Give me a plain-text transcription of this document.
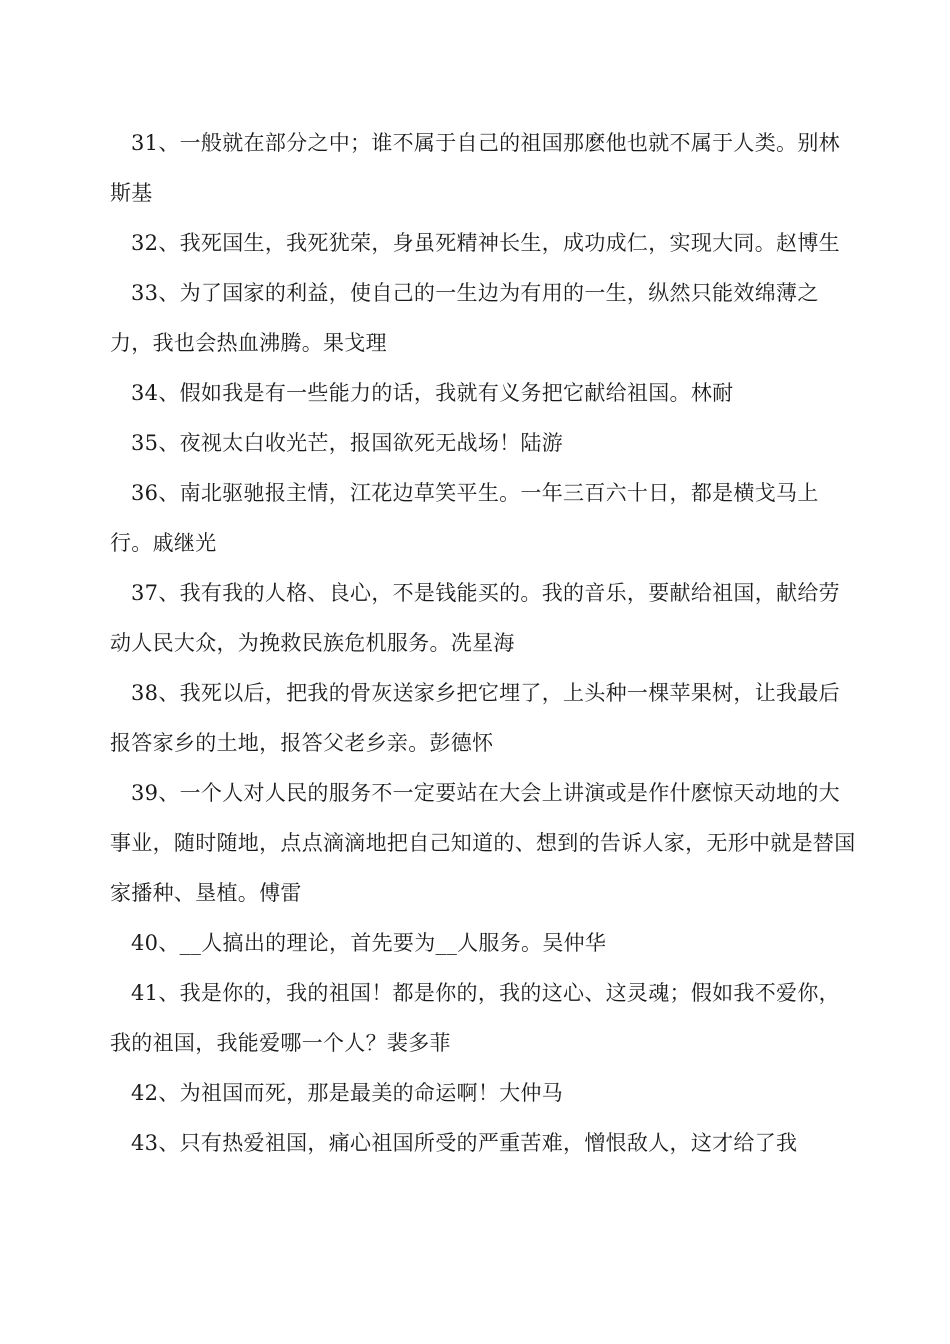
31、一般就在部分之中；谁不属于自己的祖国那麽他也就不属于人类。别林斯基

32、我死国生，我死犹荣，身虽死精神长生，成功成仁，实现大同。赵博生

33、为了国家的利益，使自己的一生边为有用的一生，纵然只能效绵薄之力，我也会热血沸腾。果戈理

34、假如我是有一些能力的话，我就有义务把它献给祖国。林耐

35、夜视太白收光芒，报国欲死无战场！陆游

36、南北驱驰报主情，江花边草笑平生。一年三百六十日，都是横戈马上行。戚继光

37、我有我的人格、良心，不是钱能买的。我的音乐，要献给祖国，献给劳动人民大众，为挽救民族危机服务。冼星海

38、我死以后，把我的骨灰送家乡把它埋了，上头种一棵苹果树，让我最后报答家乡的土地，报答父老乡亲。彭德怀

39、一个人对人民的服务不一定要站在大会上讲演或是作什麽惊天动地的大事业，随时随地，点点滴滴地把自己知道的、想到的告诉人家，无形中就是替国家播种、垦植。傅雷

40、__人搞出的理论，首先要为__人服务。吴仲华

41、我是你的，我的祖国！都是你的，我的这心、这灵魂；假如我不爱你，我的祖国，我能爱哪一个人？裴多菲

42、为祖国而死，那是最美的命运啊！大仲马

43、只有热爱祖国，痛心祖国所受的严重苦难，憎恨敌人，这才给了我
